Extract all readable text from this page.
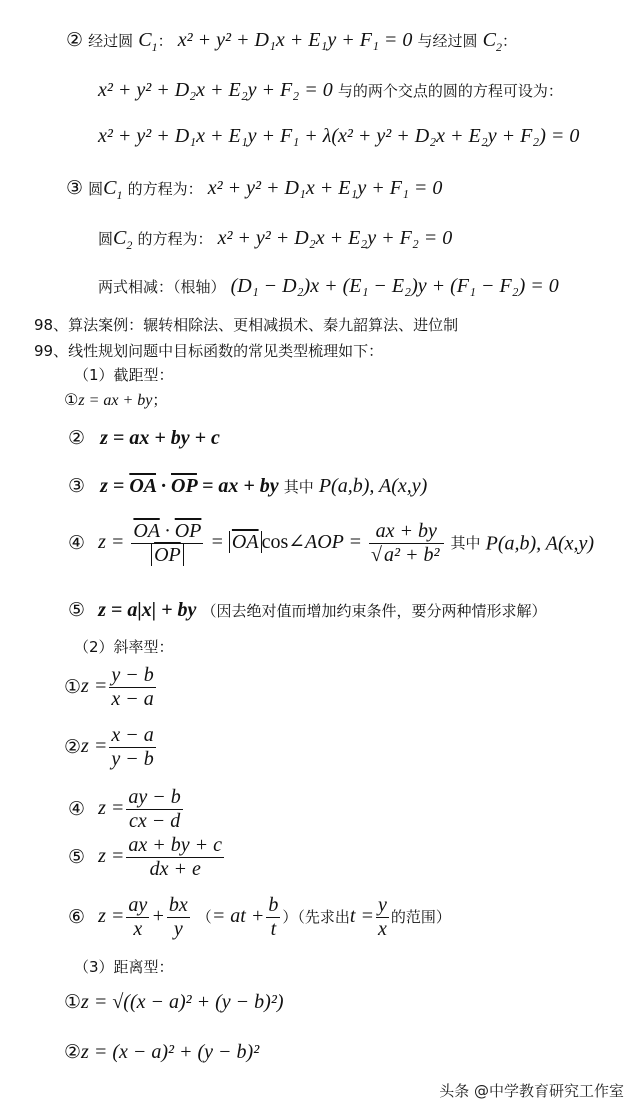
② 经过圆 $C_1$： x² + y² + D₁x + E₁y + F₁ = 0 与经过圆 $C_2$：
x² + y² + D₂x + E₂y + F₂ = 0 与的两个交点的圆的方程可设为：
x² + y² + D₁x + E₁y + F₁ + λ(x² + y² + D₂x + E₂y + F₂) = 0
③ 圆$C_1$ 的方程为： x² + y² + D₁x + E₁y + F₁ = 0
圆$C_2$ 的方程为： x² + y² + D₂x + E₂y + F₂ = 0
两式相减：（根轴） (D₁ − D₂)x + (E₁ − E₂)y + (F₁ − F₂) = 0
98、算法案例：辗转相除法、更相减损术、秦九韶算法、进位制
99、线性规划问题中目标函数的常见类型梳理如下：
（1）截距型：
①z = ax + by；
② z = ax + by + c
③ $z = \overline{OA} \cdot \overline{OP}$ = ax + by 其中 P(a,b), A(x,y)
④ $z = \frac{\overline{OA} \cdot \overline{OP}}{OP} = \overline{OA}$ cos∠AOP = $\frac{ax + by}{\text{√ a² + b²}}$ 其中 P(a,b), A(x,y)
⑤ z = a|x| + by （因去绝对值而增加约束条件，要分两种情形求解）
（2）斜率型：
①z = $\frac{y - b}{x - a}$
②z = $\frac{x - a}{y - b}$
④ $z = \frac{ay - b}{cx - d}$
⑤ $z = \frac{ax + by + c}{dx + e}$
⑥ $z = \frac{ay}{x} + \frac{bx}{y}$ （= at + $\frac{b}{t}$ ）（先求出$t = \frac{y}{x}$ 的范围）
（3）距离型：
①z = √((x − a)² + (y − b)²)
②z = (x − a)² + (y − b)²
头条 @中学教育研究工作室
